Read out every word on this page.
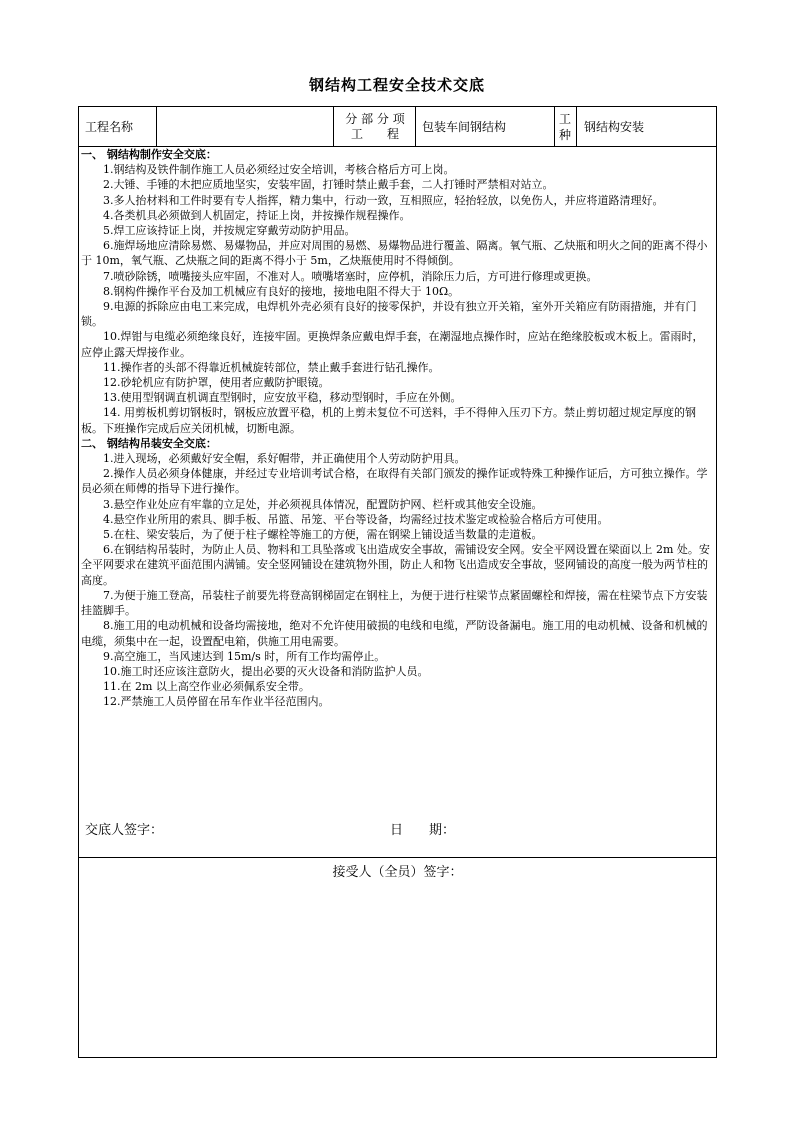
钢结构工程安全技术交底
工程名称
分 部 分 项
工　　程 包装车间钢结构
工
种
钢结构安装

一、 钢结构制作安全交底：

1.钢结构及铁件制作施工人员必须经过安全培训，考核合格后方可上岗。

2.大锤、手锤的木把应质地坚实，安装牢固，打锤时禁止戴手套，二人打锤时严禁相对站立。

3.多人抬材料和工件时要有专人指挥，精力集中，行动一致，互相照应，轻抬轻放，以免伤人，并应将道路清理好。

4.各类机具必须做到人机固定，持证上岗，并按操作规程操作。

5.焊工应该持证上岗，并按规定穿戴劳动防护用品。

6.施焊场地应清除易燃、易爆物品，并应对周围的易燃、易爆物品进行覆盖、隔离。氧气瓶、乙炔瓶和明火之间的距离不得小于 10m，氧气瓶、乙炔瓶之间的距离不得小于 5m，乙炔瓶使用时不得倾倒。

7.喷砂除锈，喷嘴接头应牢固，不准对人。喷嘴堵塞时，应停机，消除压力后，方可进行修理或更换。

8.钢构件操作平台及加工机械应有良好的接地，接地电阻不得大于 10Ω。

9.电源的拆除应由电工来完成，电焊机外壳必须有良好的接零保护，并设有独立开关箱，室外开关箱应有防雨措施，并有门锁。

10.焊钳与电缆必须绝缘良好，连接牢固。更换焊条应戴电焊手套，在潮湿地点操作时，应站在绝缘胶板或木板上。雷雨时，应停止露天焊接作业。

11.操作者的头部不得靠近机械旋转部位，禁止戴手套进行钻孔操作。

12.砂轮机应有防护罩，使用者应戴防护眼镜。

13.使用型钢调直机调直型钢时，应安放平稳，移动型钢时，手应在外侧。

14. 用剪板机剪切钢板时，钢板应放置平稳，机的上剪未复位不可送料，手不得伸入压刃下方。禁止剪切超过规定厚度的钢板。下班操作完成后应关闭机械，切断电源。

二、 钢结构吊装安全交底：

1.进入现场，必须戴好安全帽，系好帽带，并正确使用个人劳动防护用具。

2.操作人员必须身体健康，并经过专业培训考试合格，在取得有关部门颁发的操作证或特殊工种操作证后，方可独立操作。学员必须在师傅的指导下进行操作。

3.悬空作业处应有牢靠的立足处，并必须视具体情况，配置防护网、栏杆或其他安全设施。

4.悬空作业所用的索具、脚手板、吊篮、吊笼、平台等设备，均需经过技术鉴定或检验合格后方可使用。

5.在柱、梁安装后，为了便于柱子螺栓等施工的方便，需在钢梁上铺设适当数量的走道板。

6.在钢结构吊装时，为防止人员、物料和工具坠落或飞出造成安全事故，需铺设安全网。安全平网设置在梁面以上 2m 处。安全平网要求在建筑平面范围内满铺。安全竖网铺设在建筑物外围，防止人和物飞出造成安全事故，竖网铺设的高度一般为两节柱的高度。

7.为便于施工登高，吊装柱子前要先将登高钢梯固定在钢柱上，为便于进行柱梁节点紧固螺栓和焊接，需在柱梁节点下方安装挂篮脚手。

8.施工用的电动机械和设备均需接地，绝对不允许使用破损的电线和电缆，严防设备漏电。施工用的电动机械、设备和机械的电缆，须集中在一起，设置配电箱，供施工用电需要。

9.高空施工，当风速达到 15m/s 时，所有工作均需停止。

10.施工时还应该注意防火，提出必要的灭火设备和消防监护人员。

11.在 2m 以上高空作业必须佩系安全带。

12.严禁施工人员停留在吊车作业半径范围内。

交底人签字：	日　　期：
接受人（全员）签字：
